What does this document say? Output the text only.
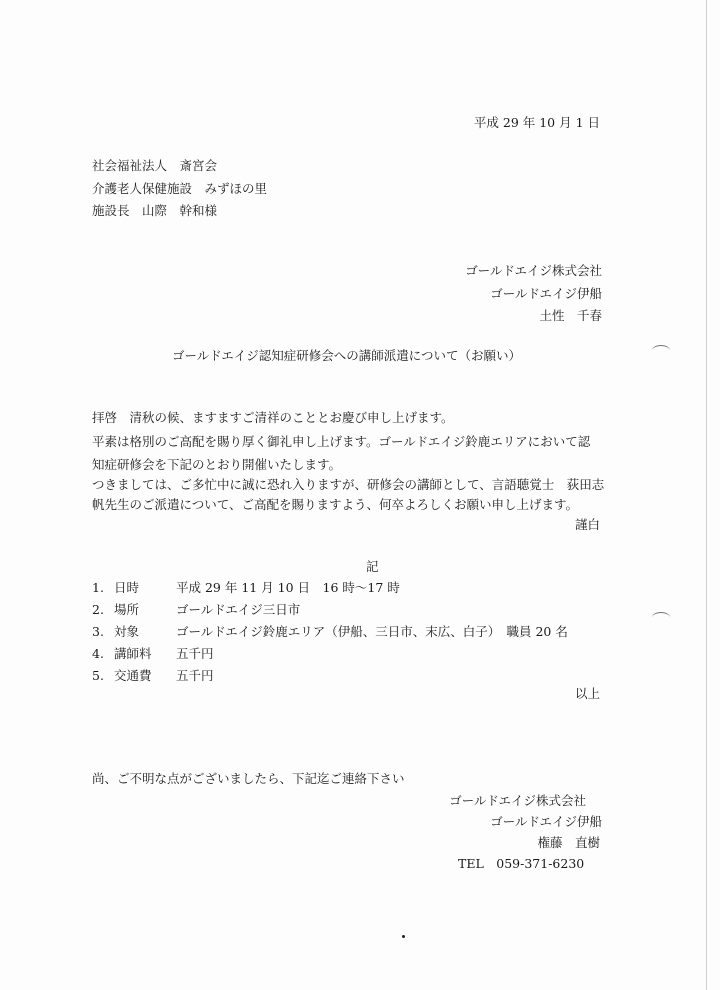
平成 29 年 10 月 1 日
社会福祉法人　斎宮会
介護老人保健施設　みずほの里
施設長　山際　幹和様
ゴールドエイジ株式会社
ゴールドエイジ伊船
土性　千春
ゴールドエイジ認知症研修会への講師派遣について（お願い）
拝啓　清秋の候、ますますご清祥のこととお慶び申し上げます。
平素は格別のご高配を賜り厚く御礼申し上げます。ゴールドエイジ鈴鹿エリアにおいて認
知症研修会を下記のとおり開催いたします。
つきましては、ご多忙中に誠に恐れ入りますが、研修会の講師として、言語聴覚士　荻田志
帆先生のご派遣について、ご高配を賜りますよう、何卒よろしくお願い申し上げます。
謹白
記
1. 日時	平成 29 年 11 月 10 日　16 時～17 時
2. 場所	ゴールドエイジ三日市
3. 対象	ゴールドエイジ鈴鹿エリア（伊船、三日市、末広、白子）　職員 20 名
4. 講師料 五千円
5. 交通費 五千円
以上
尚、ご不明な点がございましたら、下記迄ご連絡下さい
ゴールドエイジ株式会社
ゴールドエイジ伊船
権藤　直樹
TEL　059-371-6230
